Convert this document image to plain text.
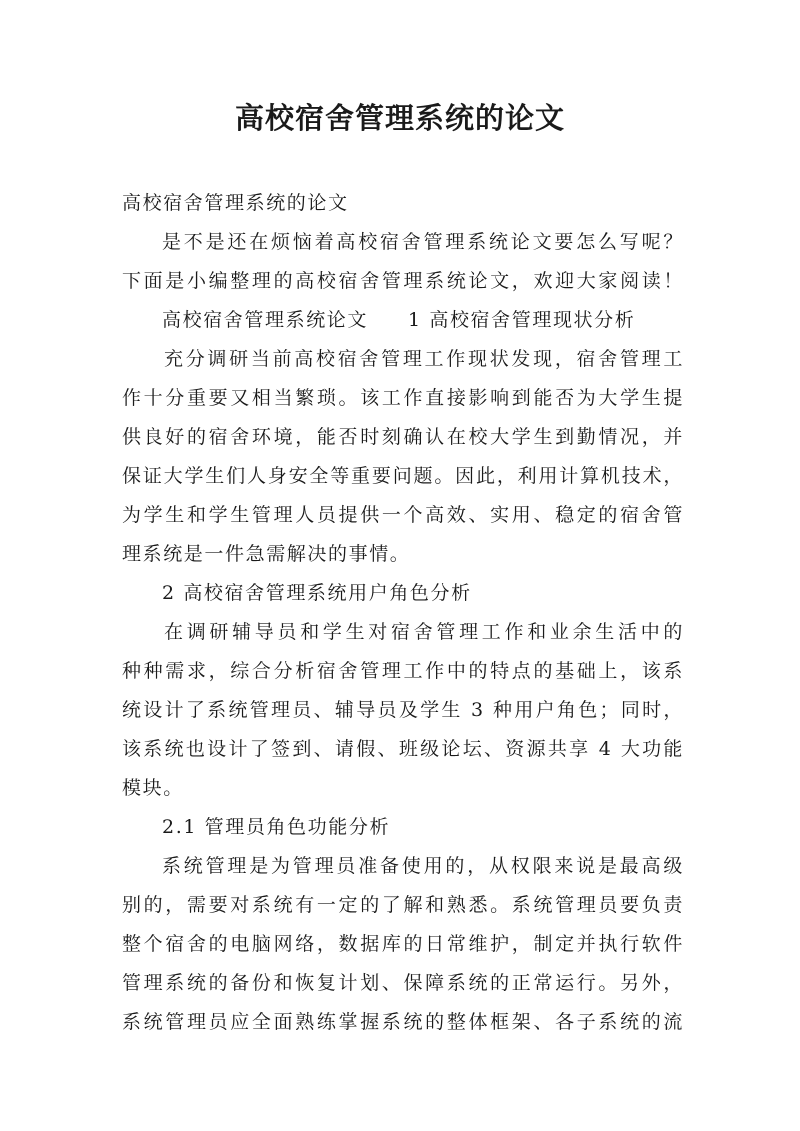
高校宿舍管理系统的论文
高校宿舍管理系统的论文
是不是还在烦恼着高校宿舍管理系统论文要怎么写呢？
下面是小编整理的高校宿舍管理系统论文，欢迎大家阅读！
高校宿舍管理系统论文 1 高校宿舍管理现状分析
充分调研当前高校宿舍管理工作现状发现，宿舍管理工
作十分重要又相当繁琐。该工作直接影响到能否为大学生提
供良好的宿舍环境，能否时刻确认在校大学生到勤情况，并
保证大学生们人身安全等重要问题。因此，利用计算机技术，
为学生和学生管理人员提供一个高效、实用、稳定的宿舍管
理系统是一件急需解决的事情。
2 高校宿舍管理系统用户角色分析
在调研辅导员和学生对宿舍管理工作和业余生活中的
种种需求，综合分析宿舍管理工作中的特点的基础上，该系
统设计了系统管理员、辅导员及学生 3 种用户角色；同时，
该系统也设计了签到、请假、班级论坛、资源共享 4 大功能
模块。
2.1 管理员角色功能分析
系统管理是为管理员准备使用的，从权限来说是最高级
别的，需要对系统有一定的了解和熟悉。系统管理员要负责
整个宿舍的电脑网络，数据库的日常维护，制定并执行软件
管理系统的备份和恢复计划、保障系统的正常运行。另外，
系统管理员应全面熟练掌握系统的整体框架、各子系统的流
